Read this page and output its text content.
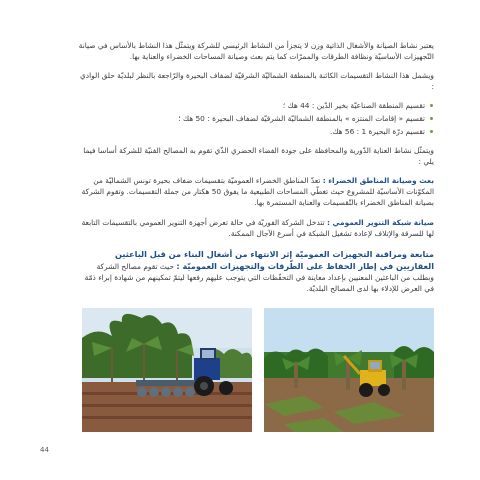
يعتبر نشاط الصيانة والأشغال الذاتية وزن لا يتجزأ من النشاط الرئيسي للشركة ويتمثّل هذا النشاط بالأساس في صيانة التّجهيزات الأساسيّة ونظافة الطرقات والممرّات كما يتم بعث وصيانة المساحات الخضراء والعناية بها.

ويشمل هذا النشاط التقسيمات الكائنة بالمنطقة الشماليّة الشرقيّة لضفاف البحيرة والرّاجعة بالنظر لبلديّة حلق الوادي :

تقسيم المنطقة الصناعيّة بخير الدّين : 44 هك ؛
تقسيم « إقامات المنتزه » بالمنطقة الشماليّة الشرقيّة لضفاف البحيرة : 50 هك ؛
تقسيم درّة البحيرة 1 : 56 هك.

ويتمثّل نشاط العناية الدّورية والمحافظة على جودة الفضاء الحضري الذّي تقوم به المصالح الفنيّة للشركة أساسا فيما يلي :

بعث وصيانة المناطق الخضراء : تعدّ المناطق الخضراء العموميّة بتقسيمات ضفاف بحيرة تونس الشماليّة من المكوّنات الأساسيّة للمشروع حيث تغطّي المساحات الطبيعية ما يفوق 50 هكتار من جملة التقسيمات. وتقوم الشركة بصيانة المناطق الخضراء بالتّقسيمات والعناية المستمرة بها.
صيانة شبكة التنوير العمومي : تتدخل الشركة الفوريّة في حالة تعرض أجهزة التنوير العمومي بالتقسيمات التابعة لها للسرقة والإتلاف لإعادة تشغيل الشبكة في أسرع الآجال الممكنة.
متابعة ومراقبة التجهيزات العموميّة إثر الانتهاء من أشغال البناء من قبل الباعثين العقاريين في إطار الحفاظ على الطّرقات والتجهيزات العموميّة : حيث تقوم مصالح الشركة وبطلب من الباعثين المعنيين بإعداد معاينة في التحفّظات التي يتوجب عليهم رفعها ليتمّ تمكينهم من شهادة إبراء ذمّة في العرض للإدلاء بها لدى المصالح البلديّة.
44
